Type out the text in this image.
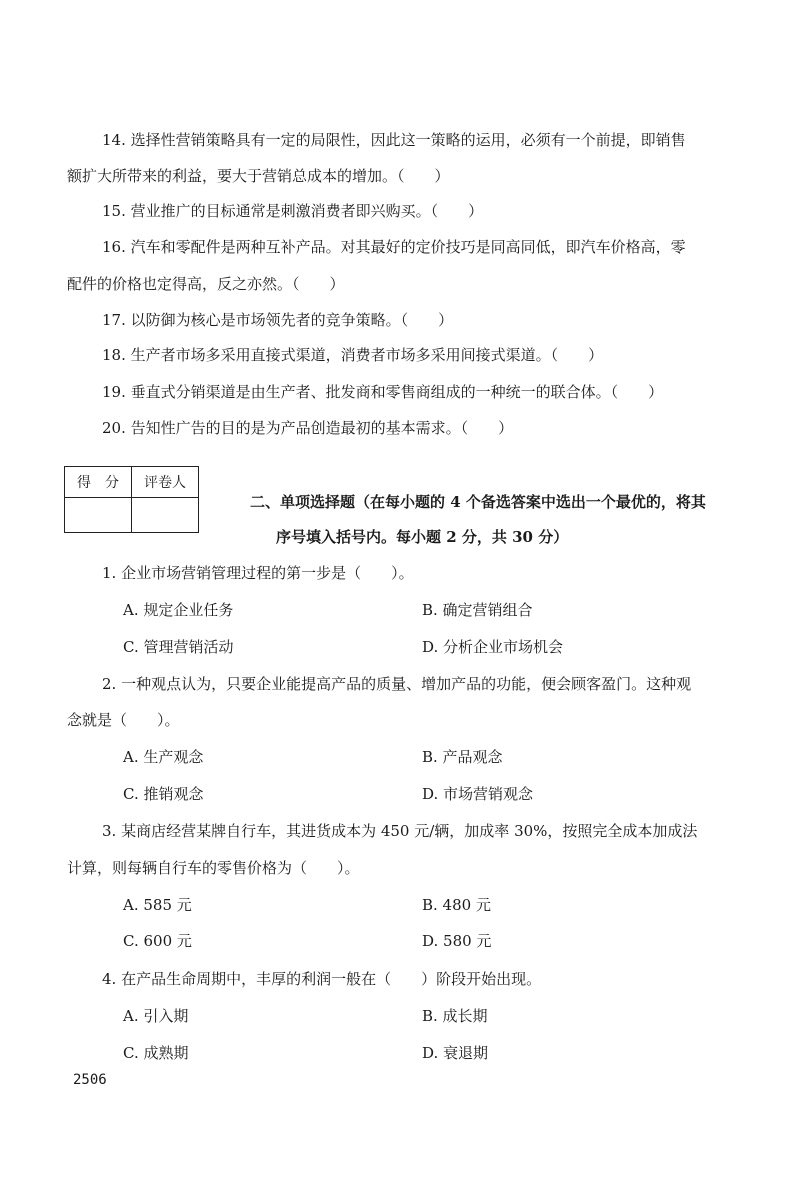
14. 选择性营销策略具有一定的局限性，因此这一策略的运用，必须有一个前提，即销售
额扩大所带来的利益，要大于营销总成本的增加。（　　）
15. 营业推广的目标通常是刺激消费者即兴购买。（　　）
16. 汽车和零配件是两种互补产品。对其最好的定价技巧是同高同低，即汽车价格高，零
配件的价格也定得高，反之亦然。（　　）
17. 以防御为核心是市场领先者的竞争策略。（　　）
18. 生产者市场多采用直接式渠道，消费者市场多采用间接式渠道。（　　）
19. 垂直式分销渠道是由生产者、批发商和零售商组成的一种统一的联合体。（　　）
20. 告知性广告的目的是为产品创造最初的基本需求。（　　）
得　分	评卷人

二、单项选择题（在每小题的 4 个备选答案中选出一个最优的，将其
序号填入括号内。每小题 2 分，共 30 分）
1. 企业市场营销管理过程的第一步是（　　）。
A. 规定企业任务	B. 确定营销组合
C. 管理营销活动	D. 分析企业市场机会
2. 一种观点认为，只要企业能提高产品的质量、增加产品的功能，便会顾客盈门。这种观
念就是（　　）。
A. 生产观念	B. 产品观念
C. 推销观念	D. 市场营销观念
3. 某商店经营某牌自行车，其进货成本为 450 元/辆，加成率 30%，按照完全成本加成法
计算，则每辆自行车的零售价格为（　　）。
A. 585 元	B. 480 元
C. 600 元	D. 580 元
4. 在产品生命周期中，丰厚的利润一般在（　　）阶段开始出现。
A. 引入期	B. 成长期
C. 成熟期	D. 衰退期
2506
